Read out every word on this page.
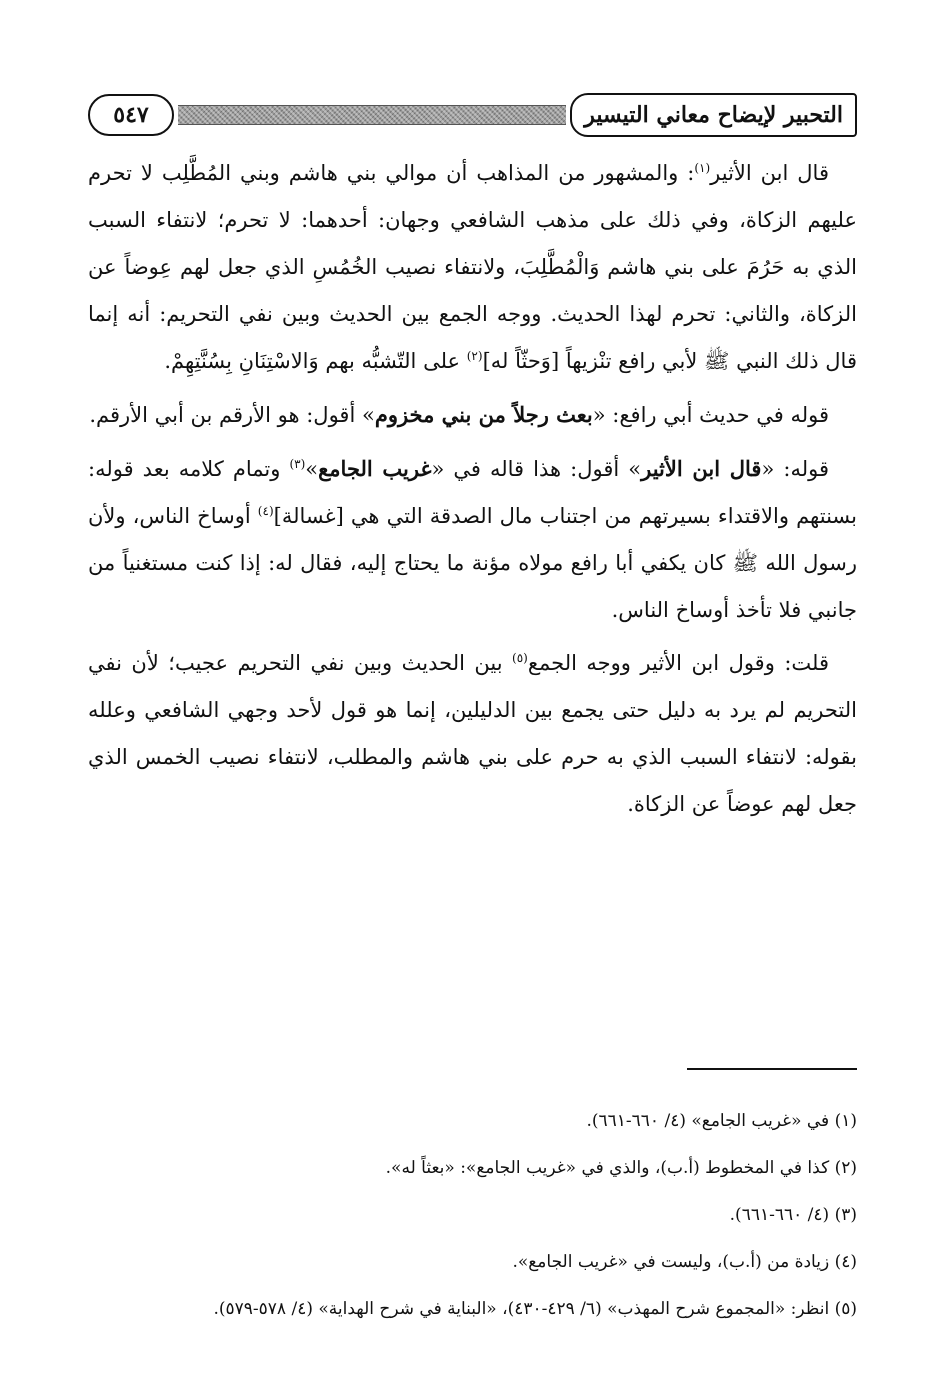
التحبير لإيضاح معاني التيسير
٥٤٧

قال ابن الأثير$^{(١)}$: والمشهور من المذاهب أن موالي بني هاشم وبني المُطَّلِب لا تحرم عليهم الزكاة، وفي ذلك على مذهب الشافعي وجهان: أحدهما: لا تحرم؛ لانتفاء السبب الذي به حَرُمَ على بني هاشم وَالْمُطَّلِبَ، ولانتفاء نصيب الخُمُسِ الذي جعل لهم عِوضاً عن الزكاة، والثاني: تحرم لهذا الحديث. ووجه الجمع بين الحديث وبين نفي التحريم: أنه إنما قال ذلك النبي ﷺ لأبي رافع تنْزيهاً [وَحثّاً له]$^{(٢)}$ على التّشبُّه بهم وَالاسْتِنَانِ بِسُنَّتِهِمْ.

قوله في حديث أبي رافع: «بعث رجلاً من بني مخزوم» أقول: هو الأرقم بن أبي الأرقم.

قوله: «قال ابن الأثير» أقول: هذا قاله في «غريب الجامع»$^{(٣)}$ وتمام كلامه بعد قوله: بسنتهم والاقتداء بسيرتهم من اجتناب مال الصدقة التي هي [غسالة]$^{(٤)}$ أوساخ الناس، ولأن رسول الله ﷺ كان يكفي أبا رافع مولاه مؤنة ما يحتاج إليه، فقال له: إذا كنت مستغنياً من جانبي فلا تأخذ أوساخ الناس.

قلت: وقول ابن الأثير ووجه الجمع$^{(٥)}$ بين الحديث وبين نفي التحريم عجيب؛ لأن نفي التحريم لم يرد به دليل حتى يجمع بين الدليلين، إنما هو قول لأحد وجهي الشافعي وعلله بقوله: لانتفاء السبب الذي به حرم على بني هاشم والمطلب، لانتفاء نصيب الخمس الذي جعل لهم عوضاً عن الزكاة.

(١) في «غريب الجامع» (٤/ ٦٦٠-٦٦١).
(٢) كذا في المخطوط (أ.ب)، والذي في «غريب الجامع»: «بعثاً له».
(٣) (٤/ ٦٦٠-٦٦١).
(٤) زيادة من (أ.ب)، وليست في «غريب الجامع».
(٥) انظر: «المجموع شرح المهذب» (٦/ ٤٢٩-٤٣٠)، «البناية في شرح الهداية» (٤/ ٥٧٨-٥٧٩).
